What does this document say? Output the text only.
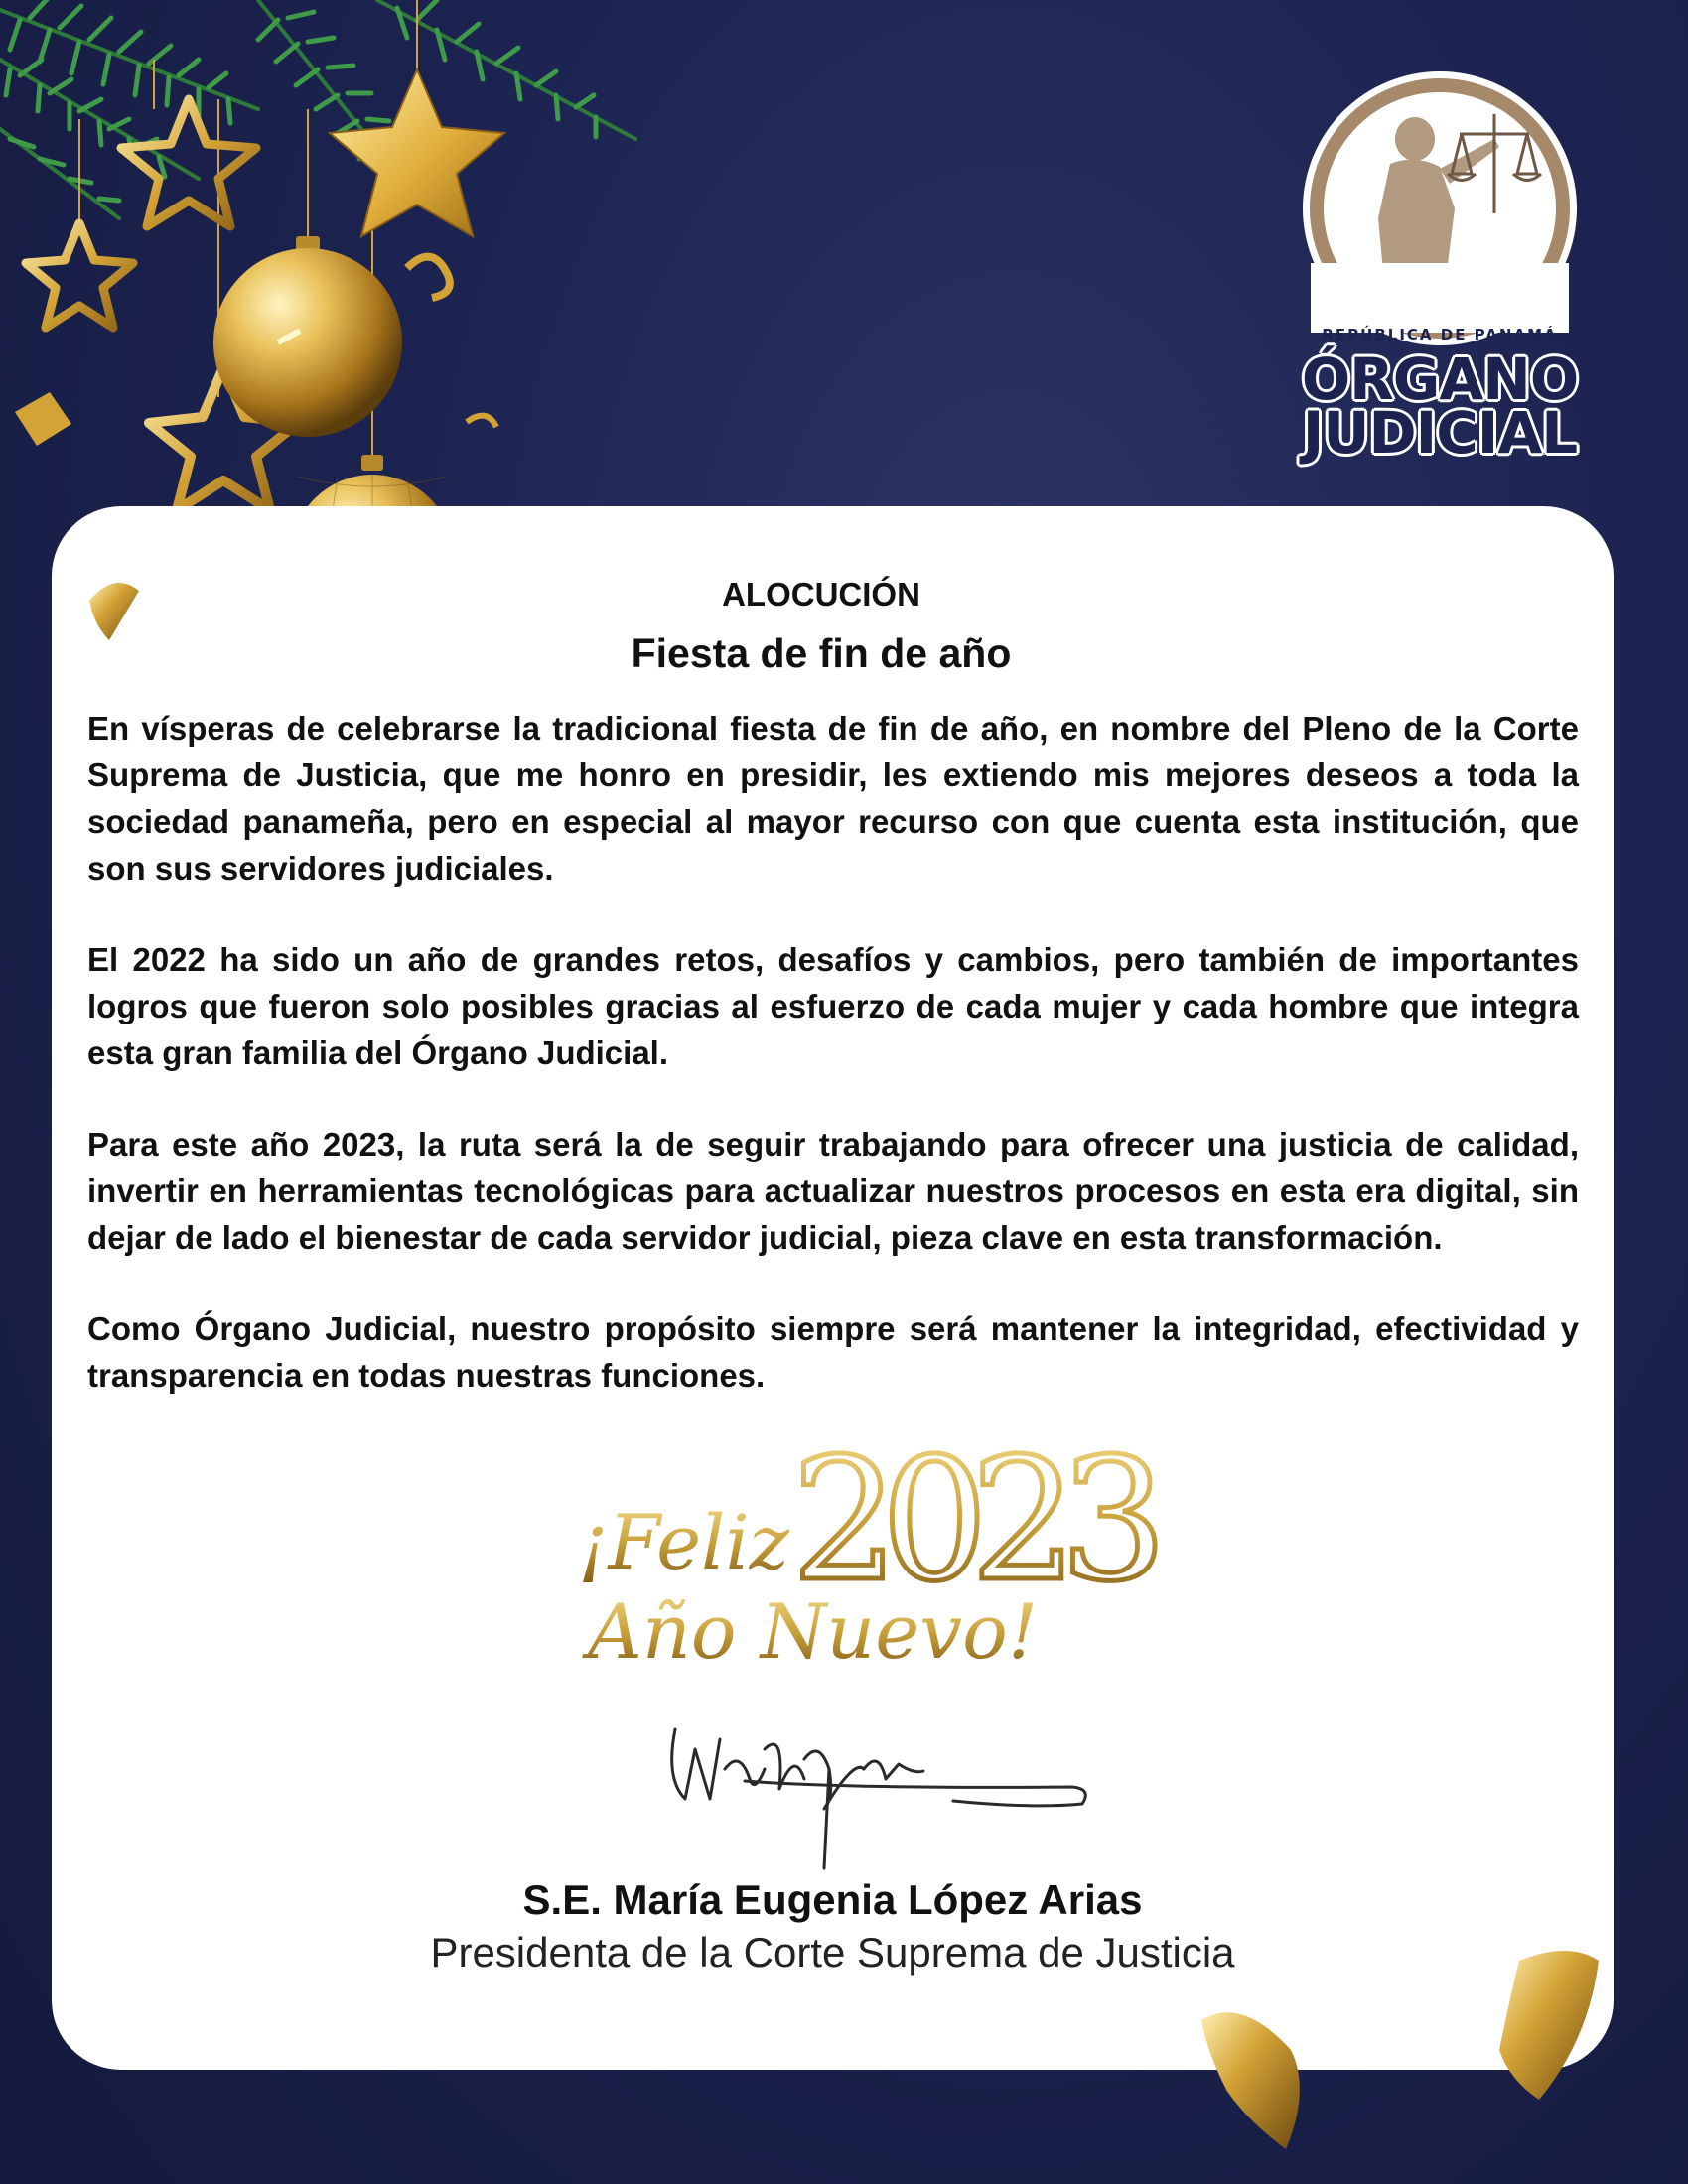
REPÚBLICA DE PANAMÁ
ÓRGANO
JUDICIAL
ALOCUCIÓN
Fiesta de fin de año

En vísperas de celebrarse la tradicional fiesta de fin de año, en nombre del Pleno de la Corte Suprema de Justicia, que me honro en presidir, les extiendo mis mejores deseos a toda la sociedad panameña, pero en especial al mayor recurso con que cuenta esta institución, que son sus servidores judiciales.

El 2022 ha sido un año de grandes retos, desafíos y cambios, pero también de importantes logros que fueron solo posibles gracias al esfuerzo de cada mujer y cada hombre que integra esta gran familia del Órgano Judicial.

Para este año 2023, la ruta será la de seguir trabajando para ofrecer una justicia de calidad, invertir en herramientas tecnológicas para actualizar nuestros procesos en esta era digital, sin dejar de lado el bienestar de cada servidor judicial, pieza clave en esta transformación.

Como Órgano Judicial, nuestro propósito siempre será mantener la integridad, efectividad y transparencia en todas nuestras funciones.

¡Feliz 2023
Año Nuevo!
S.E. María Eugenia López Arias
Presidenta de la Corte Suprema de Justicia
